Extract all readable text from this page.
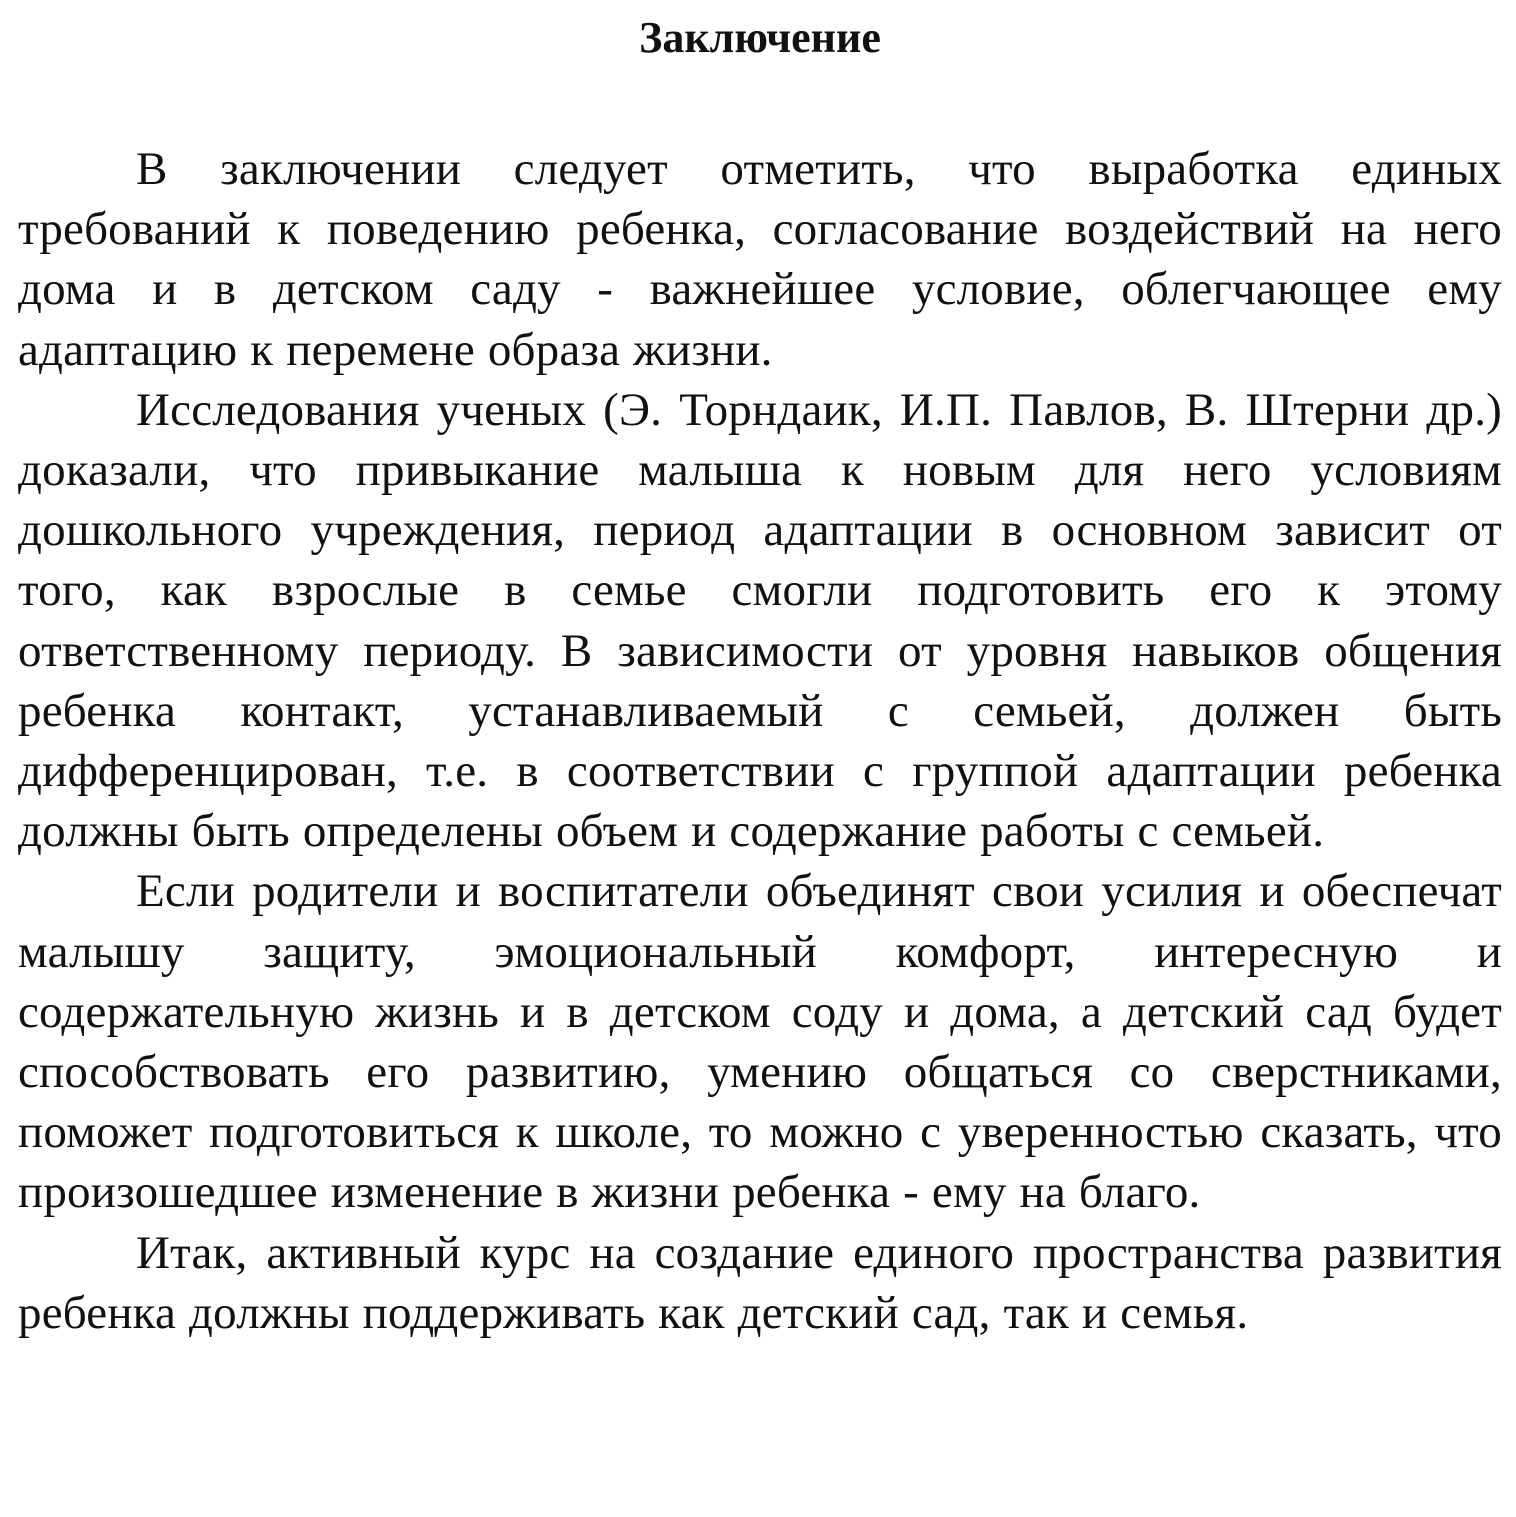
Заключение

В заключении следует отметить, что выработка единых требований к поведению ребенка, согласование воздействий на него дома и в детском саду - важнейшее условие, облегчающее ему адаптацию к перемене образа жизни.

Исследования ученых (Э. Торндаик, И.П. Павлов, В. Штерни др.) доказали, что привыкание малыша к новым для него условиям дошкольного учреждения, период адаптации в основном зависит от того, как взрослые в семье смогли подготовить его к этому ответственному периоду. В зависимости от уровня навыков общения ребенка контакт, устанавливаемый с семьей, должен быть дифференцирован, т.е. в соответствии с группой адаптации ребенка должны быть определены объем и содержание работы с семьей.

Если родители и воспитатели объединят свои усилия и обеспечат малышу защиту, эмоциональный комфорт, интересную и содержательную жизнь и в детском соду и дома, а детский сад будет способствовать его развитию, умению общаться со сверстниками, поможет подготовиться к школе, то можно с уверенностью сказать, что произошедшее изменение в жизни ребенка - ему на благо.

Итак, активный курс на создание единого пространства развития ребенка должны поддерживать как детский сад, так и семья.
